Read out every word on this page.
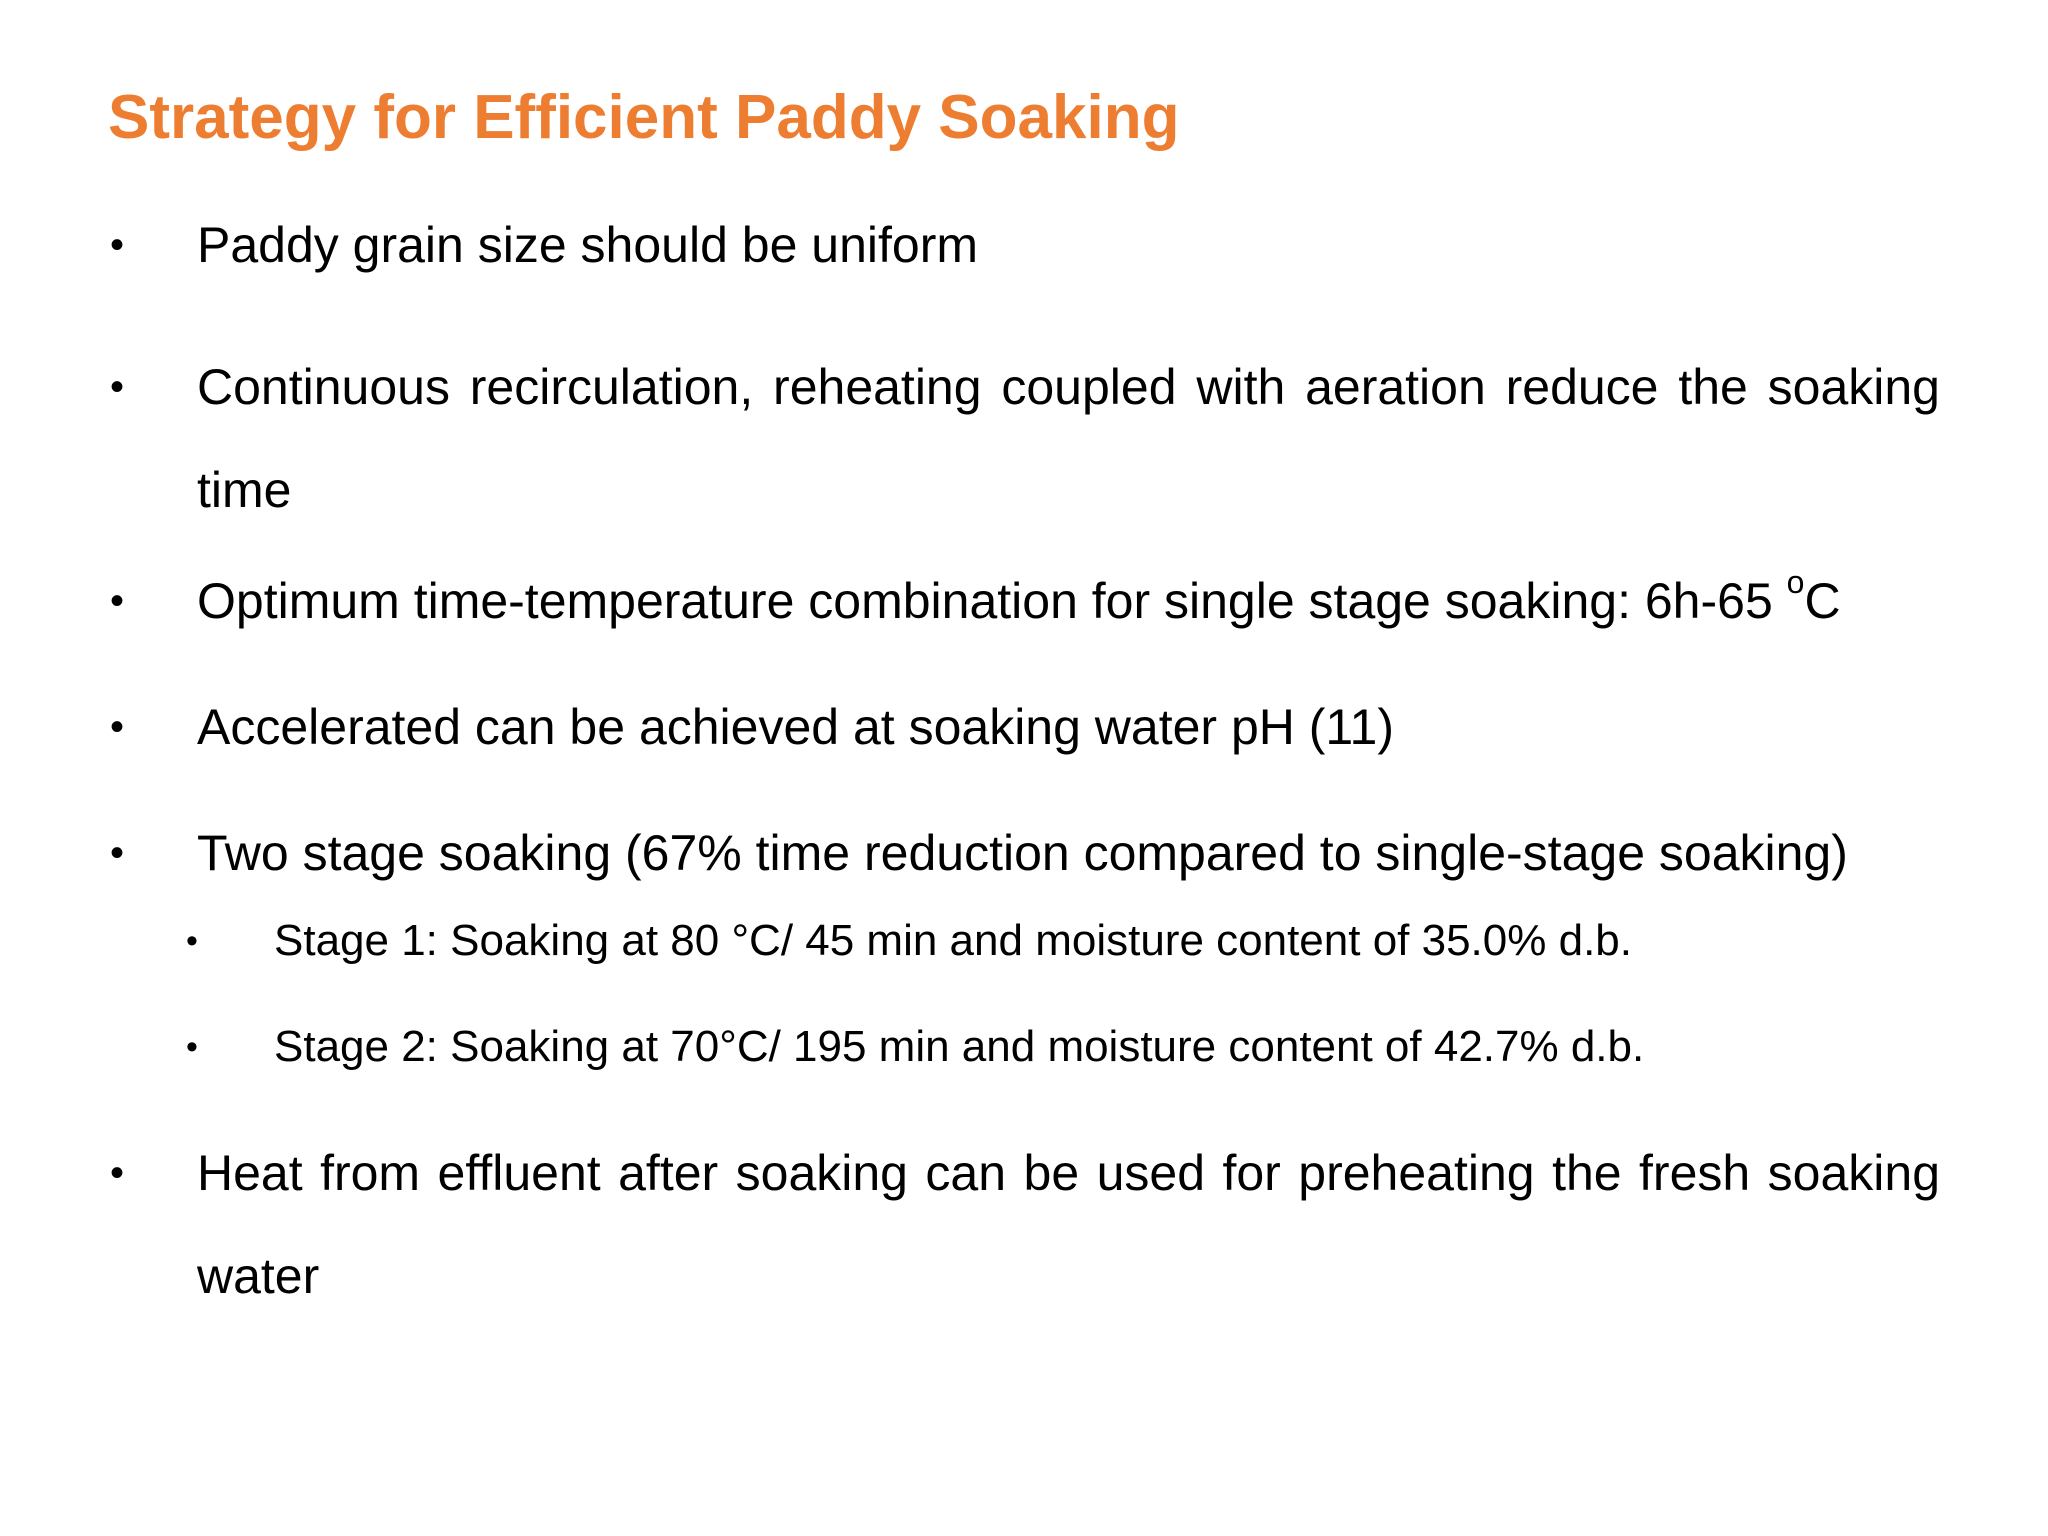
Strategy for Efficient Paddy Soaking
•	Paddy grain size should be uniform
•	Continuous recirculation, reheating coupled with aeration reduce the soaking time
•	Optimum time-temperature combination for single stage soaking: 6h-65 $^o$C
•	Accelerated can be achieved at soaking water pH (11)
•	Two stage soaking (67% time reduction compared to single-stage soaking)
• Stage 1: Soaking at 80 °C/ 45 min and moisture content of 35.0% d.b.
• Stage 2: Soaking at 70°C/ 195 min and moisture content of 42.7% d.b.
•	Heat from effluent after soaking can be used for preheating the fresh soaking water
